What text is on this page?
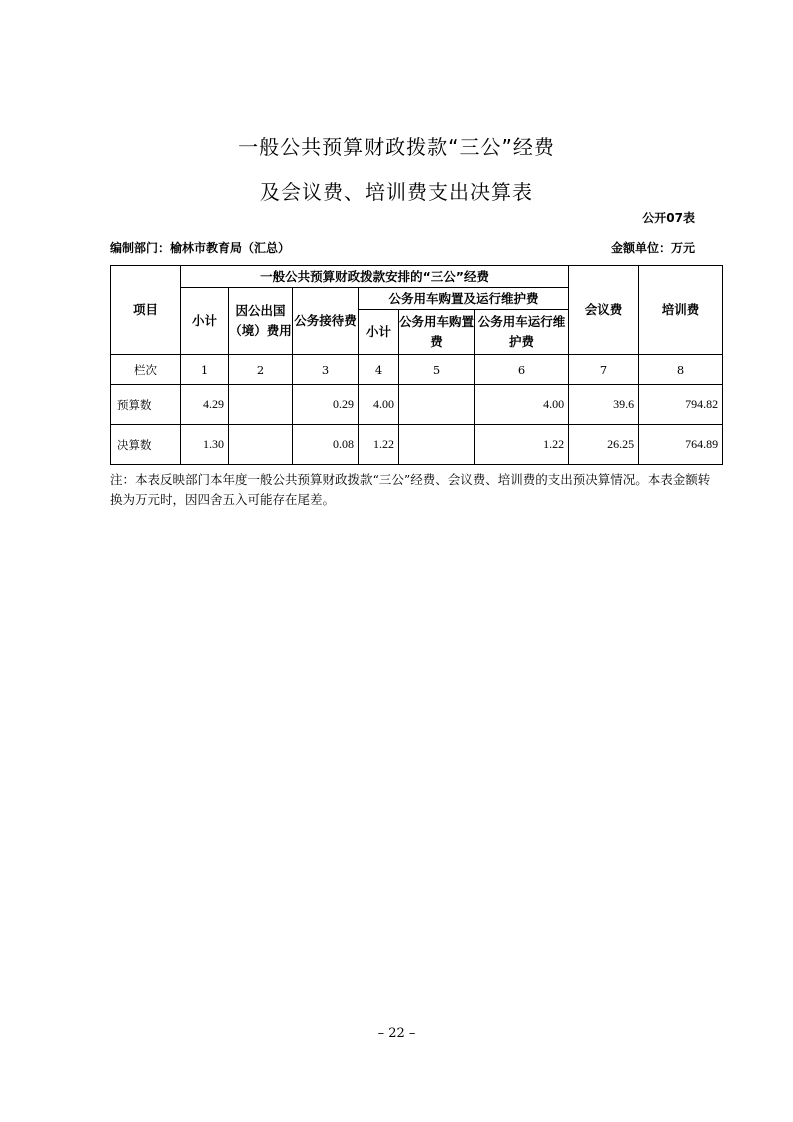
一般公共预算财政拨款“三公”经费
及会议费、培训费支出决算表
公开07表
编制部门：榆林市教育局（汇总）	金额单位：万元
项目	一般公共预算财政拨款安排的“三公”经费						会议费	培训费
	小计	因公出国（境）费用	公务接待费	公务用车购置及运行维护费				
				小计	公务用车购置费	公务用车运行维护费		
栏次	1	2	3	4	5	6	7	8
预算数	4.29		0.29	4.00		4.00	39.6	794.82
决算数	1.30		0.08	1.22		1.22	26.25	764.89
注：本表反映部门本年度一般公共预算财政拨款“三公”经费、会议费、培训费的支出预决算情况。本表金额转换为万元时，因四舍五入可能存在尾差。
– 22 –
